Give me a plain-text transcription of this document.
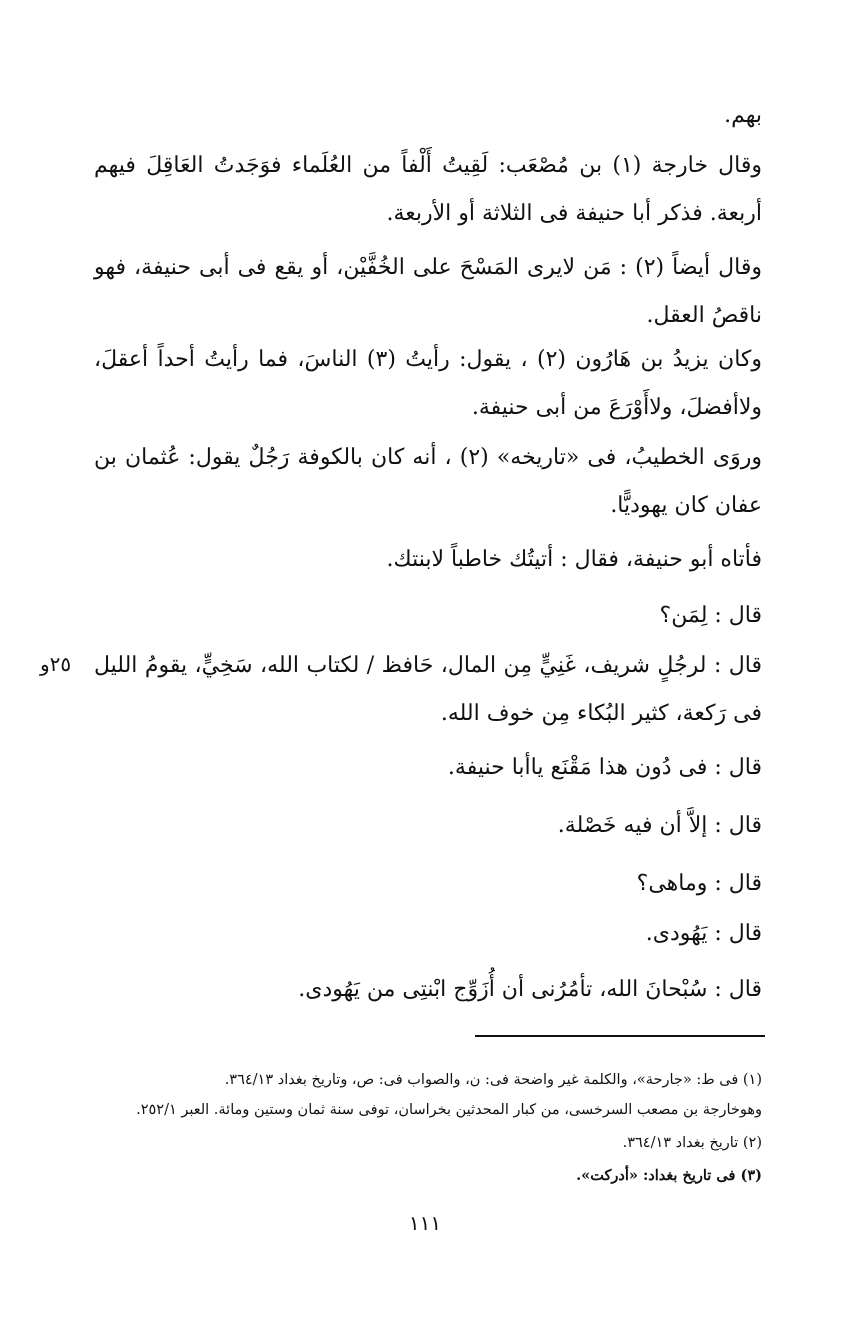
بهم.
وقال خارجة (١) بن مُصْعَب: لَقِيتُ أَلْفاً من العُلَماء فوَجَدتُ العَاقِلَ فيهم أربعة. فذكر أبا حنيفة فى الثلاثة أو الأربعة.
وقال أيضاً (٢) : مَن لايرى المَسْحَ على الخُفَّيْن، أو يقع فى أبى حنيفة، فهو ناقصُ العقل.
وكان يزيدُ بن هَارُون (٢) ، يقول: رأيتُ (٣) الناسَ، فما رأيتُ أحداً أعقلَ، ولاأفضلَ، ولاأَوْرَعَ من أبى حنيفة.
وروَى الخطيبُ، فى «تاريخه» (٢) ، أنه كان بالكوفة رَجُلٌ يقول: عُثمان بن عفان كان يهوديًّا.
فأتاه أبو حنيفة، فقال : أتيتُك خاطباً لابنتك.
قال : لِمَن؟
٢٥و قال : لرجُلٍ شريف، غَنِيٍّ مِن المال، حَافظ / لكتاب الله، سَخِيٍّ، يقومُ الليل فى رَكعة، كثير البُكاء مِن خوف الله.
قال : فى دُون هذا مَقْنَع ياأبا حنيفة.
قال : إلاَّ أن فيه خَصْلة.
قال : وماهى؟
قال : يَهُودى.
قال : سُبْحانَ الله، تأمُرُنى أن أُزَوِّج ابْنتِى من يَهُودى.
(١) فى ط: «جارحة»، والكلمة غير واضحة فى: ن، والصواب فى: ص، وتاريخ بغداد ٣٦٤/١٣.
وهوخارجة بن مصعب السرخسى، من كبار المحدثين بخراسان، توفى سنة ثمان وستين ومائة. العبر ٢٥٢/١.
(٢) تاريخ بغداد ٣٦٤/١٣.
(٣) فى تاريخ بغداد: «أدركت».
١١١
